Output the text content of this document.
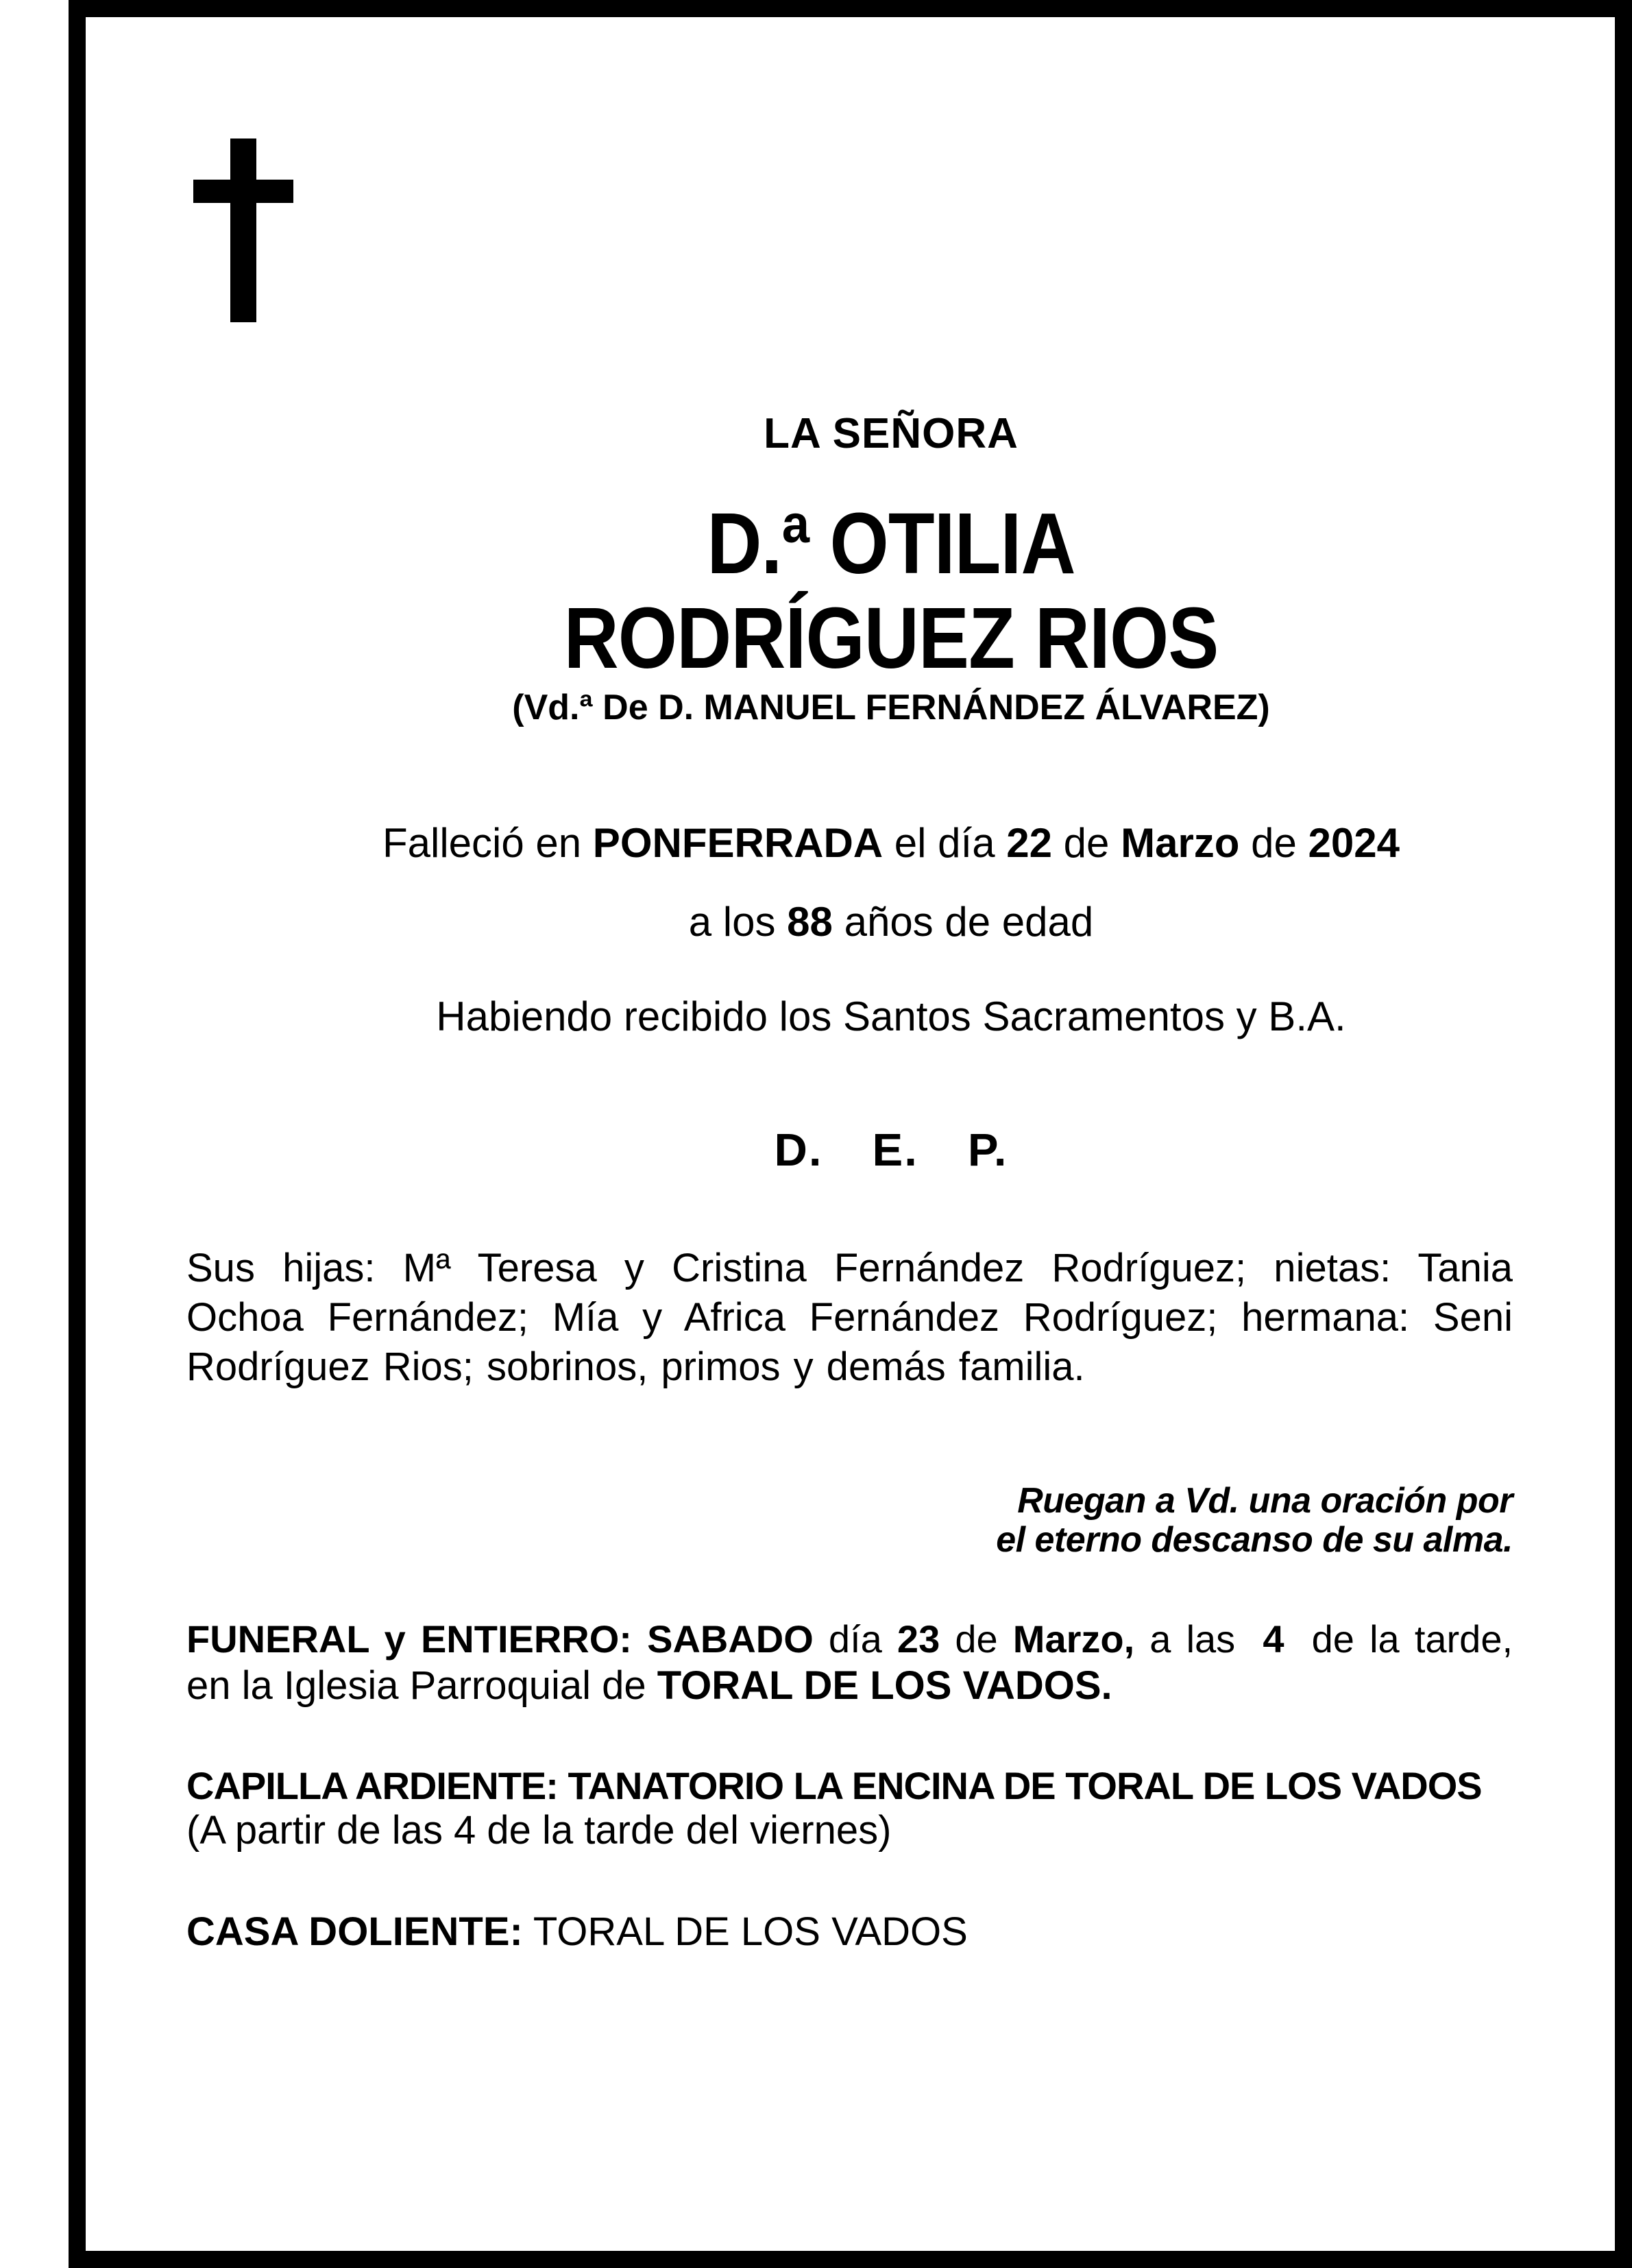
LA SEÑORA
D.ª OTILIA
RODRÍGUEZ RIOS
(Vd.ª De D. MANUEL FERNÁNDEZ ÁLVAREZ)
Falleció en PONFERRADA el día 22 de Marzo de 2024
a los 88 años de edad
Habiendo recibido los Santos Sacramentos y B.A.
D. E. P.
Sus hijas: Mª Teresa y Cristina Fernández Rodríguez; nietas: Tania Ochoa Fernández; Mía y Africa Fernández Rodríguez; hermana: Seni Rodríguez Rios; sobrinos, primos y demás familia.
Ruegan a Vd. una oración por
el eterno descanso de su alma.
FUNERAL y ENTIERRO: SABADO día 23 de Marzo, a las 4 de la tarde,
en la Iglesia Parroquial de TORAL DE LOS VADOS.
CAPILLA ARDIENTE: TANATORIO LA ENCINA DE TORAL DE LOS VADOS
(A partir de las 4 de la tarde del viernes)
CASA DOLIENTE: TORAL DE LOS VADOS
